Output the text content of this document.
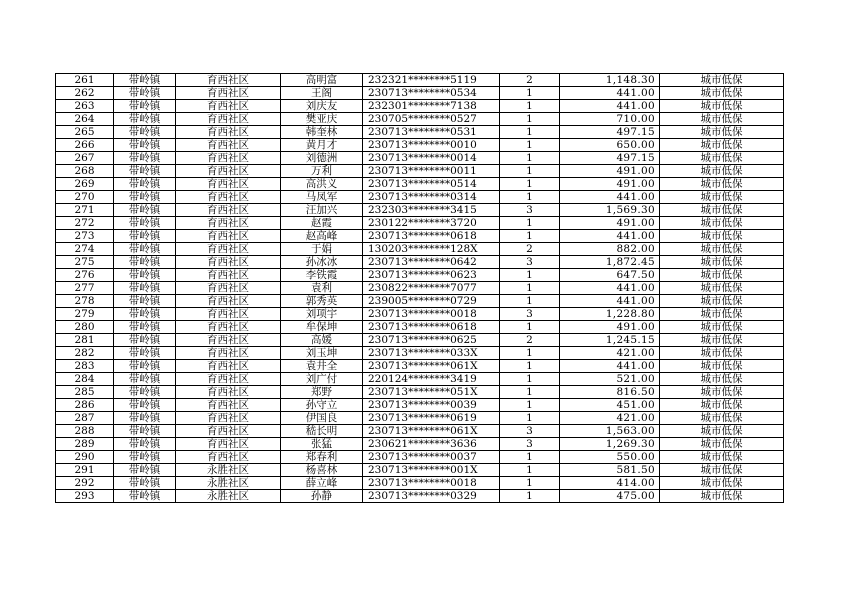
261	带岭镇	育西社区	高明富	232321********5119	2	1,148.30	城市低保
262	带岭镇	育西社区	王阁	230713********0534	1	441.00	城市低保
263	带岭镇	育西社区	刘庆友	232301********7138	1	441.00	城市低保
264	带岭镇	育西社区	樊亚庆	230705********0527	1	710.00	城市低保
265	带岭镇	育西社区	韩奎林	230713********0531	1	497.15	城市低保
266	带岭镇	育西社区	黄月才	230713********0010	1	650.00	城市低保
267	带岭镇	育西社区	刘德洲	230713********0014	1	497.15	城市低保
268	带岭镇	育西社区	万利	230713********0011	1	491.00	城市低保
269	带岭镇	育西社区	高洪义	230713********0514	1	491.00	城市低保
270	带岭镇	育西社区	马凤军	230713********0314	1	441.00	城市低保
271	带岭镇	育西社区	汪加兴	232303********3415	3	1,569.30	城市低保
272	带岭镇	育西社区	赵霞	230122********3720	1	491.00	城市低保
273	带岭镇	育西社区	赵高峰	230713********0618	1	441.00	城市低保
274	带岭镇	育西社区	于娟	130203********128X	2	882.00	城市低保
275	带岭镇	育西社区	孙冰冰	230713********0642	3	1,872.45	城市低保
276	带岭镇	育西社区	李铁霞	230713********0623	1	647.50	城市低保
277	带岭镇	育西社区	袁利	230822********7077	1	441.00	城市低保
278	带岭镇	育西社区	郭秀英	239005********0729	1	441.00	城市低保
279	带岭镇	育西社区	刘项宇	230713********0018	3	1,228.80	城市低保
280	带岭镇	育西社区	牟保坤	230713********0618	1	491.00	城市低保
281	带岭镇	育西社区	高媛	230713********0625	2	1,245.15	城市低保
282	带岭镇	育西社区	刘玉坤	230713********033X	1	421.00	城市低保
283	带岭镇	育西社区	袁井全	230713********061X	1	441.00	城市低保
284	带岭镇	育西社区	刘广付	220124********3419	1	521.00	城市低保
285	带岭镇	育西社区	郑野	230713********051X	1	816.50	城市低保
286	带岭镇	育西社区	孙守立	230713********0039	1	451.00	城市低保
287	带岭镇	育西社区	伊国良	230713********0619	1	421.00	城市低保
288	带岭镇	育西社区	嵇长明	230713********061X	3	1,563.00	城市低保
289	带岭镇	育西社区	张猛	230621********3636	3	1,269.30	城市低保
290	带岭镇	育西社区	郑春利	230713********0037	1	550.00	城市低保
291	带岭镇	永胜社区	杨喜林	230713********001X	1	581.50	城市低保
292	带岭镇	永胜社区	薛立峰	230713********0018	1	414.00	城市低保
293	带岭镇	永胜社区	孙静	230713********0329	1	475.00	城市低保
